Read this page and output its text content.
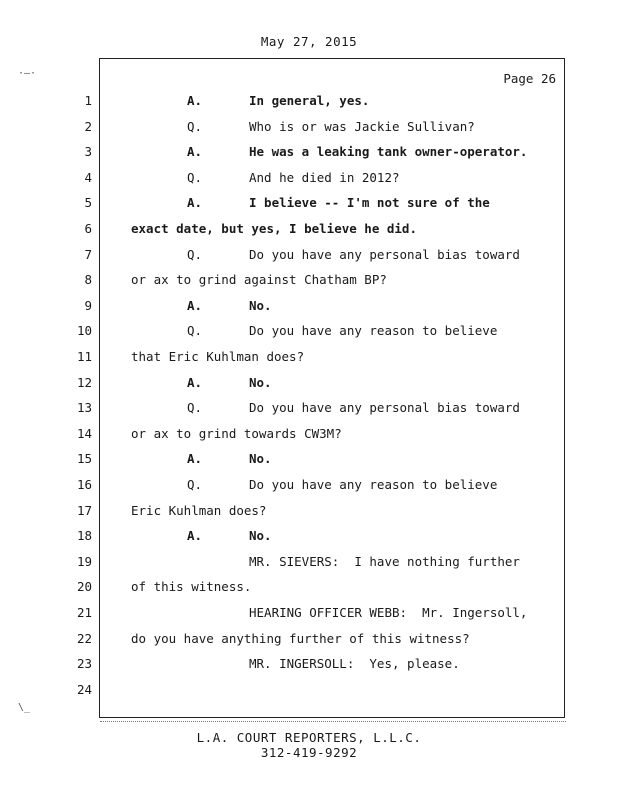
May 27, 2015
Page 26
·–·
\_
1	A.	In general, yes.
2	Q.	Who is or was Jackie Sullivan?
3	A.	He was a leaking tank owner-operator.
4	Q.	And he died in 2012?
5	A.	I believe -- I'm not sure of the
6	exact date, but yes, I believe he did.
7	Q.	Do you have any personal bias toward
8	or ax to grind against Chatham BP?
9	A.	No.
10	Q.	Do you have any reason to believe
11	that Eric Kuhlman does?
12	A.	No.
13	Q.	Do you have any personal bias toward
14	or ax to grind towards CW3M?
15	A.	No.
16	Q.	Do you have any reason to believe
17	Eric Kuhlman does?
18	A.	No.
19	MR. SIEVERS:  I have nothing further
20	of this witness.
21	HEARING OFFICER WEBB:  Mr. Ingersoll,
22	do you have anything further of this witness?
23	MR. INGERSOLL:  Yes, please.
24
L.A. COURT REPORTERS, L.L.C.
312-419-9292
